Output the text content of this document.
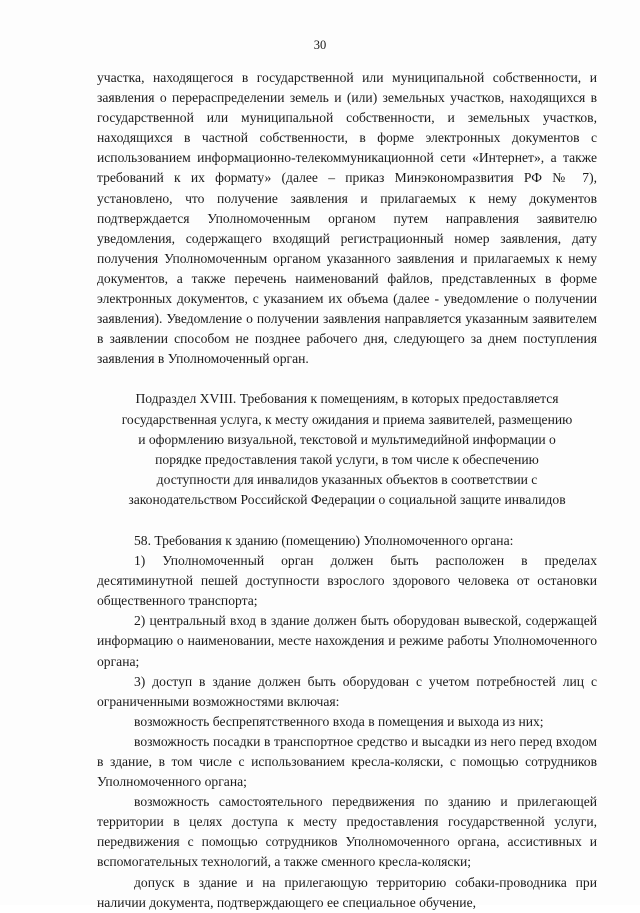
30

участка, находящегося в государственной или муниципальной собственности, и заявления о перераспределении земель и (или) земельных участков, находящихся в государственной или муниципальной собственности, и земельных участков, находящихся в частной собственности, в форме электронных документов с использованием информационно-телекоммуникационной сети «Интернет», а также требований к их формату» (далее – приказ Минэкономразвития РФ № 7), установлено, что получение заявления и прилагаемых к нему документов подтверждается Уполномоченным органом путем направления заявителю уведомления, содержащего входящий регистрационный номер заявления, дату получения Уполномоченным органом указанного заявления и прилагаемых к нему документов, а также перечень наименований файлов, представленных в форме электронных документов, с указанием их объема (далее - уведомление о получении заявления). Уведомление о получении заявления направляется указанным заявителем в заявлении способом не позднее рабочего дня, следующего за днем поступления заявления в Уполномоченный орган.

Подраздел XVIII. Требования к помещениям, в которых предоставляется
государственная услуга, к месту ожидания и приема заявителей, размещению
и оформлению визуальной, текстовой и мультимедийной информации о
порядке предоставления такой услуги, в том числе к обеспечению
доступности для инвалидов указанных объектов в соответствии с
законодательством Российской Федерации о социальной защите инвалидов

58. Требования к зданию (помещению) Уполномоченного органа:

1) Уполномоченный орган должен быть расположен в пределах десятиминутной пешей доступности взрослого здорового человека от остановки общественного транспорта;

2) центральный вход в здание должен быть оборудован вывеской, содержащей информацию о наименовании, месте нахождения и режиме работы Уполномоченного органа;

3) доступ в здание должен быть оборудован с учетом потребностей лиц с ограниченными возможностями включая:

возможность беспрепятственного входа в помещения и выхода из них;

возможность посадки в транспортное средство и высадки из него перед входом в здание, в том числе с использованием кресла-коляски, с помощью сотрудников Уполномоченного органа;

возможность самостоятельного передвижения по зданию и прилегающей территории в целях доступа к месту предоставления государственной услуги, передвижения с помощью сотрудников Уполномоченного органа, ассистивных и вспомогательных технологий, а также сменного кресла-коляски;

допуск в здание и на прилегающую территорию собаки-проводника при наличии документа, подтверждающего ее специальное обучение,
